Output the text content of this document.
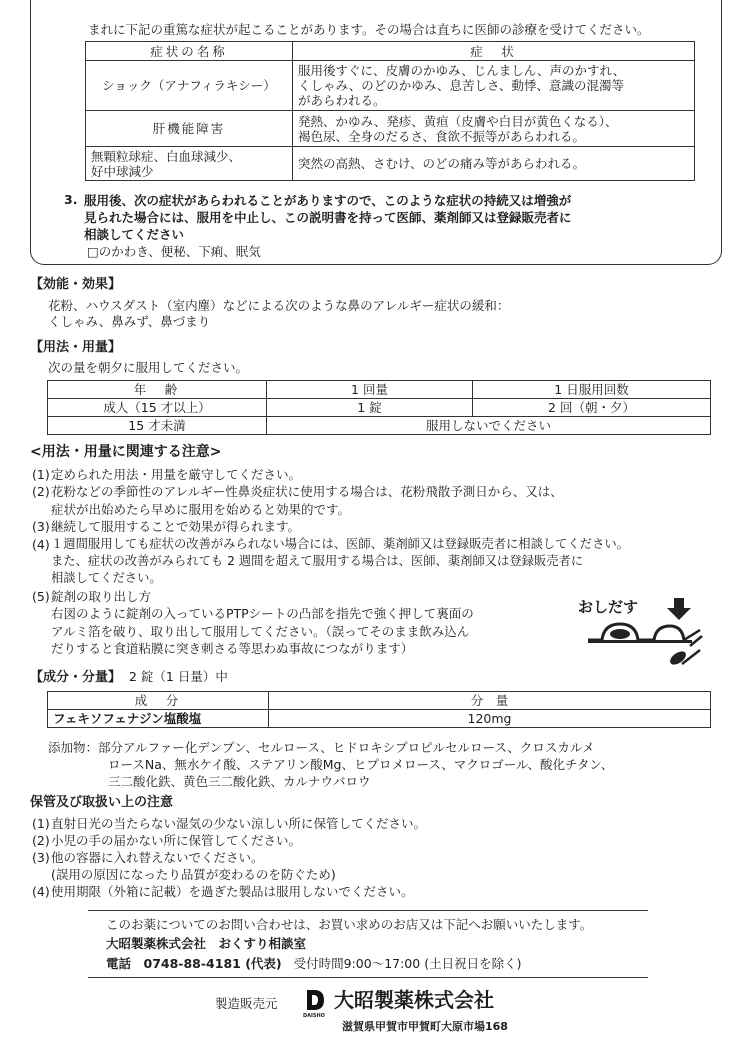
まれに下記の重篤な症状が起こることがあります。その場合は直ちに医師の診療を受けてください。
症状の名称	症　状
ショック（アナフィラキシー）	服用後すぐに、皮膚のかゆみ、じんましん、声のかすれ、
くしゃみ、のどのかゆみ、息苦しさ、動悸、意識の混濁等
があらわれる。

肝機能障害	発熱、かゆみ、発疹、黄疸（皮膚や白目が黄色くなる）、
褐色尿、全身のだるさ、食欲不振等があらわれる。

無顆粒球症、白血球減少、
好中球減少	突然の高熱、さむけ、のどの痛み等があらわれる。
3. 服用後、次の症状があらわれることがありますので、このような症状の持続又は増強が
見られた場合には、服用を中止し、この説明書を持って医師、薬剤師又は登録販売者に
相談してください
□のかわき、便秘、下痢、眠気
【効能・効果】
花粉、ハウスダスト（室内塵）などによる次のような鼻のアレルギー症状の緩和：
くしゃみ、鼻みず、鼻づまり
【用法・用量】
次の量を朝夕に服用してください。
年　齢	1 回量	1 日服用回数
成人（15 才以上）	1 錠	2 回（朝・夕）
15 才未満	服用しないでください	
<用法・用量に関連する注意>
(1) 定められた用法・用量を厳守してください。
(2) 花粉などの季節性のアレルギー性鼻炎症状に使用する場合は、花粉飛散予測日から、又は、
症状が出始めたら早めに服用を始めると効果的です。
(3) 継続して服用することで効果が得られます。
(4) １週間服用しても症状の改善がみられない場合には、医師、薬剤師又は登録販売者に相談してください。
また、症状の改善がみられても 2 週間を超えて服用する場合は、医師、薬剤師又は登録販売者に
相談してください。
(5) 錠剤の取り出し方
右図のように錠剤の入っているPTPシートの凸部を指先で強く押して裏面の
アルミ箔を破り、取り出して服用してください。（誤ってそのまま飲み込ん
だりすると食道粘膜に突き刺さる等思わぬ事故につながります）
おしだす
【成分・分量】 2 錠（1 日量）中
成　分	分　量
フェキソフェナジン塩酸塩	120mg
添加物：部分アルファー化デンプン、セルロース、ヒドロキシプロピルセルロース、クロスカルメ
ロースNa、無水ケイ酸、ステアリン酸Mg、ヒプロメロース、マクロゴール、酸化チタン、
三二酸化鉄、黄色三二酸化鉄、カルナウバロウ
保管及び取扱い上の注意
(1) 直射日光の当たらない湿気の少ない涼しい所に保管してください。
(2) 小児の手の届かない所に保管してください。
(3) 他の容器に入れ替えないでください。
(誤用の原因になったり品質が変わるのを防ぐため)
(4) 使用期限（外箱に記載）を過ぎた製品は服用しないでください。
このお薬についてのお問い合わせは、お買い求めのお店又は下記へお願いいたします。
大昭製薬株式会社　おくすり相談室
電話　0748-88-4181 (代表) 受付時間9:00～17:00 (土日祝日を除く)
製造販売元
DAISHO
大昭製薬株式会社
滋賀県甲賀市甲賀町大原市場168
